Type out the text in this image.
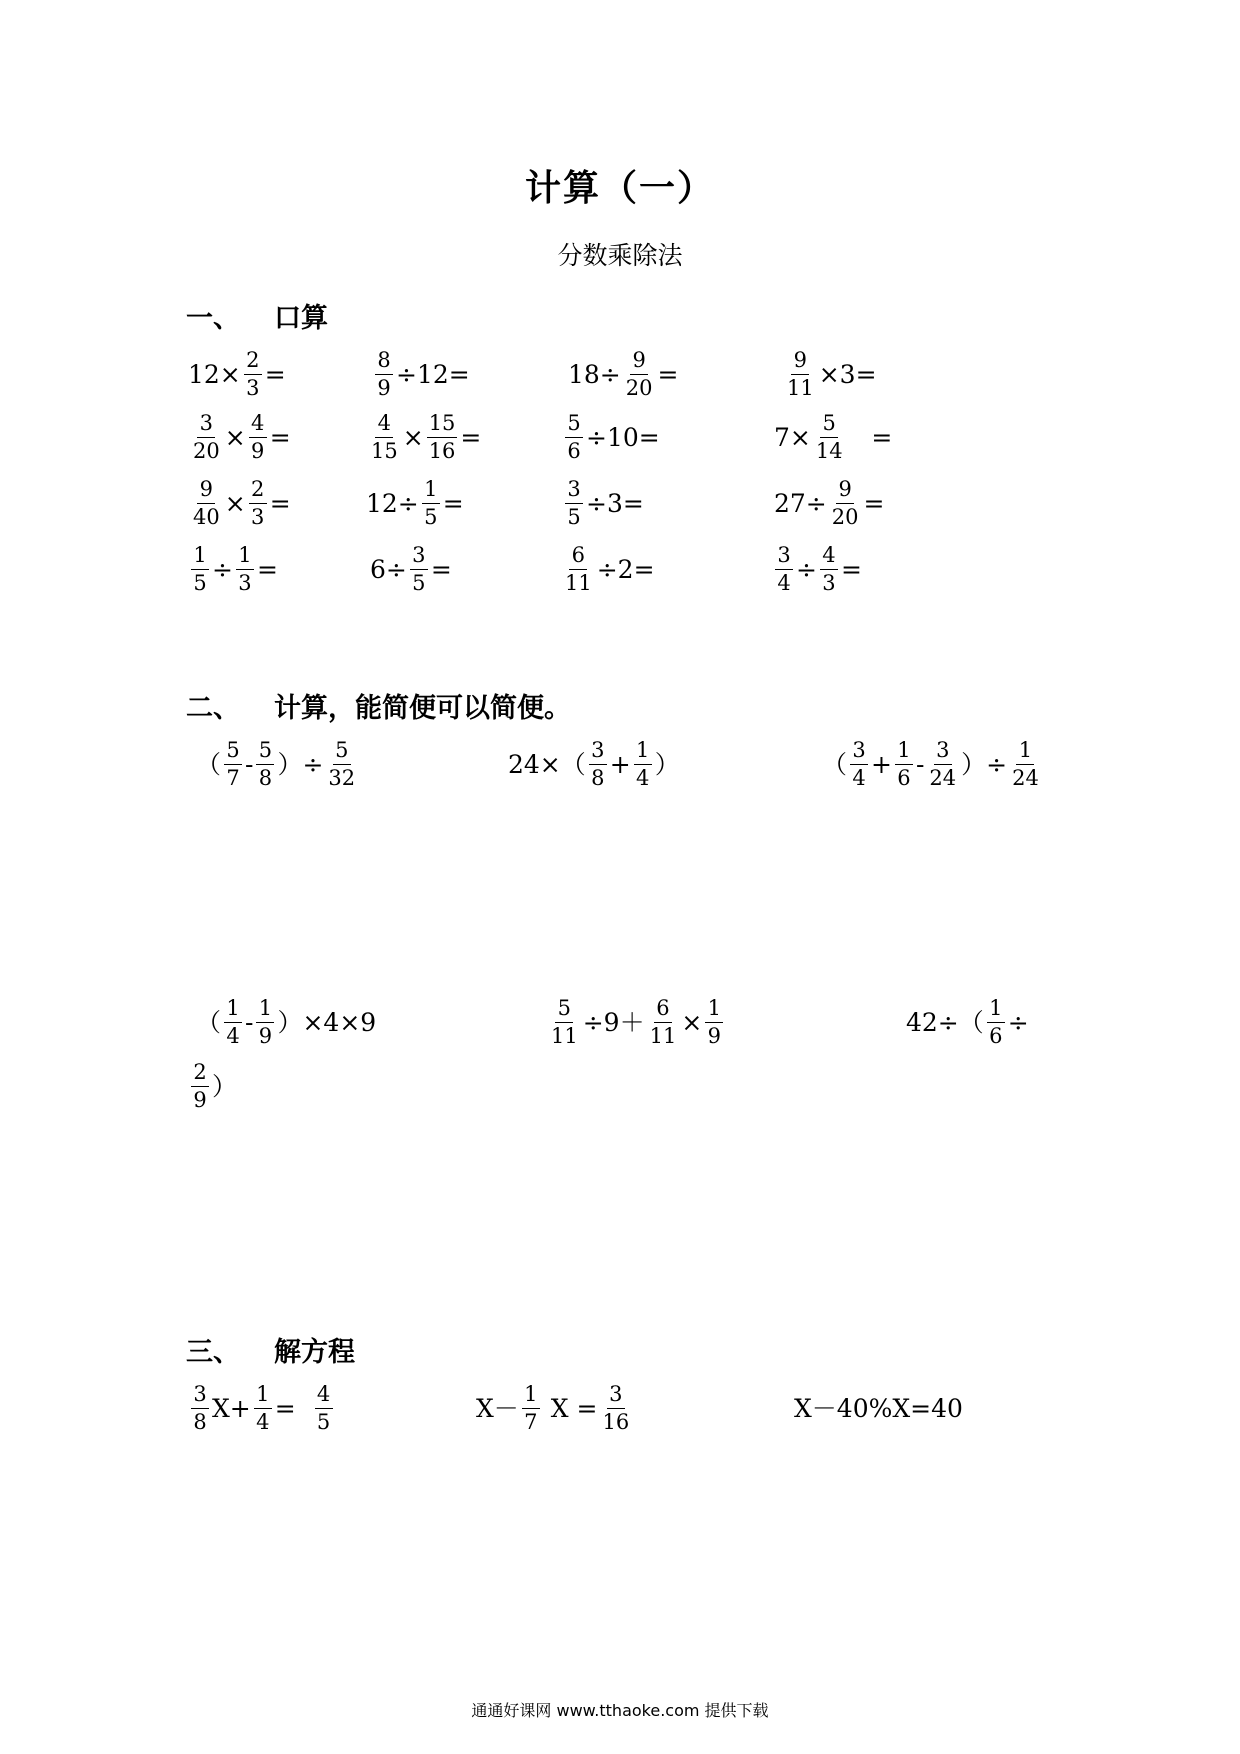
计算（一）
分数乘除法
一、 口算
$12\times \frac{2}{3}$ =	$\frac{8}{9} \div 12=$	$18\div \frac{9}{20}$ =	$\frac{9}{11} \times 3=$
$\frac{3}{20} \times \frac{4}{9}$ =	$\frac{4}{15} \times \frac{15}{16}$ =	$\frac{5}{6} \div 10=$	$7\times \frac{5}{14}$ =
$\frac{9}{40} \times \frac{2}{3}$ =	$12\div \frac{1}{5}$ =	$\frac{3}{5} \div 3=$	$27\div \frac{9}{20}$ =
$\frac{1}{5} \div \frac{1}{3}$ =	$6\div \frac{3}{5}$ =	$\frac{6}{11} \div 2=$	$\frac{3}{4} \div \frac{4}{3}$ =
二、 计算，能简便可以简便。
（ $\frac{5}{7} - \frac{5}{8}$ ）÷ $\frac{5}{32}$	$24\times( \frac{3}{8} + \frac{1}{4}$ ）	（ $\frac{3}{4} + \frac{1}{6} - \frac{3}{24}$ ）÷ $\frac{1}{24}$
（ $\frac{1}{4} - \frac{1}{9} )\times 4\times 9$	$\frac{5}{11} \div 9+ \frac{6}{11} \times \frac{1}{9}$	$42\div( \frac{1}{6}$ ÷
$\frac{2}{9}$ ）
三、 解方程
$\frac{3}{8} X+ \frac{1}{4} = \frac{4}{5}$	$X- \frac{1}{7}$ $X = \frac{3}{16}$	X－40%X=40
通通好课网 www.tthaoke.com 提供下载
